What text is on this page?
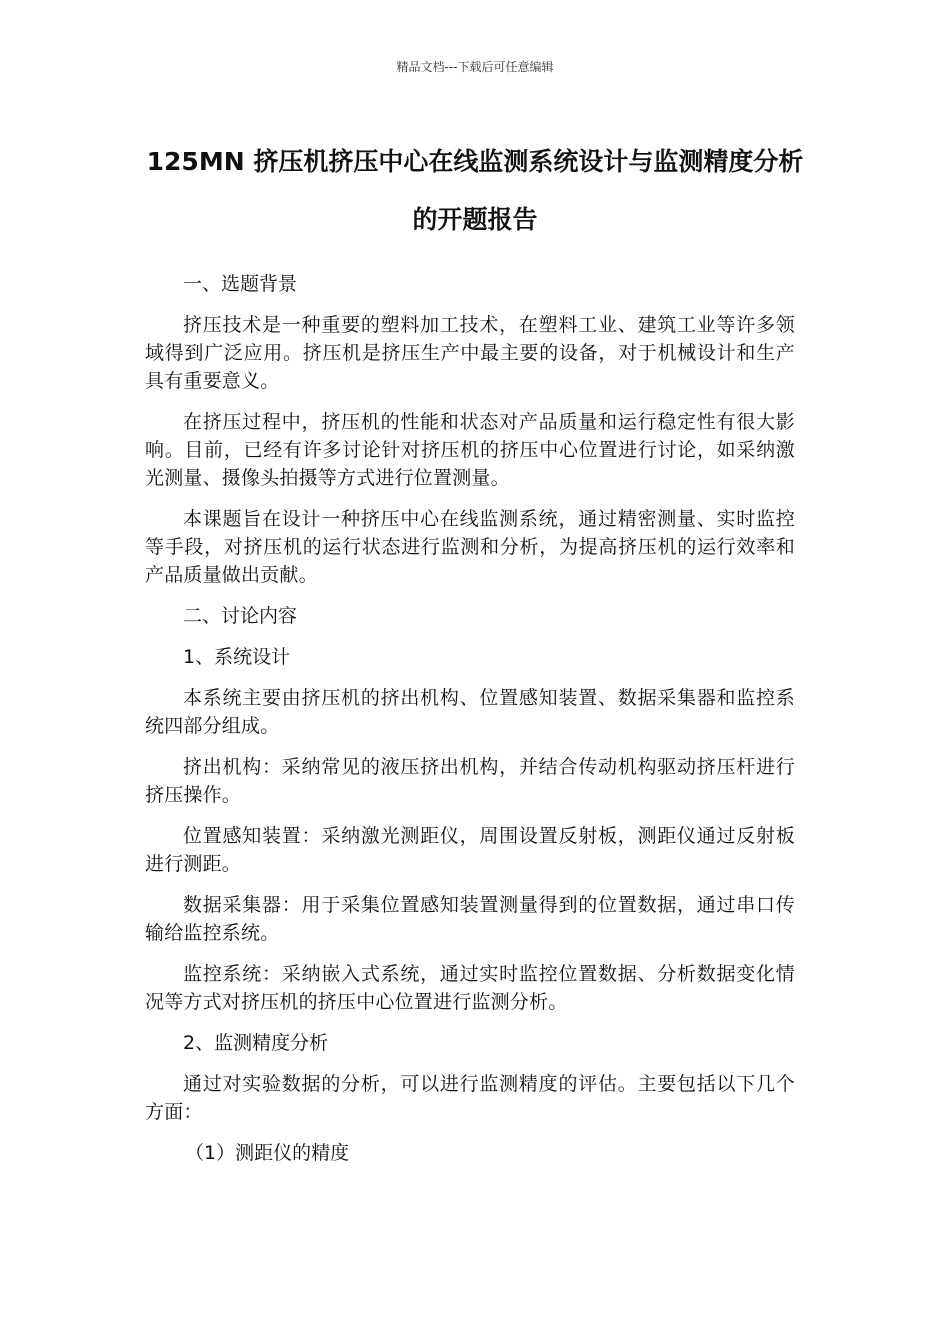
精品文档---下载后可任意编辑
125MN 挤压机挤压中心在线监测系统设计与监测精度分析的开题报告

一、选题背景

挤压技术是一种重要的塑料加工技术，在塑料工业、建筑工业等许多领域得到广泛应用。挤压机是挤压生产中最主要的设备，对于机械设计和生产具有重要意义。

在挤压过程中，挤压机的性能和状态对产品质量和运行稳定性有很大影响。目前，已经有许多讨论针对挤压机的挤压中心位置进行讨论，如采纳激光测量、摄像头拍摄等方式进行位置测量。

本课题旨在设计一种挤压中心在线监测系统，通过精密测量、实时监控等手段，对挤压机的运行状态进行监测和分析，为提高挤压机的运行效率和产品质量做出贡献。

二、讨论内容

1、系统设计

本系统主要由挤压机的挤出机构、位置感知装置、数据采集器和监控系统四部分组成。

挤出机构：采纳常见的液压挤出机构，并结合传动机构驱动挤压杆进行挤压操作。

位置感知装置：采纳激光测距仪，周围设置反射板，测距仪通过反射板进行测距。

数据采集器：用于采集位置感知装置测量得到的位置数据，通过串口传输给监控系统。

监控系统：采纳嵌入式系统，通过实时监控位置数据、分析数据变化情况等方式对挤压机的挤压中心位置进行监测分析。

2、监测精度分析

通过对实验数据的分析，可以进行监测精度的评估。主要包括以下几个方面：

（1）测距仪的精度
